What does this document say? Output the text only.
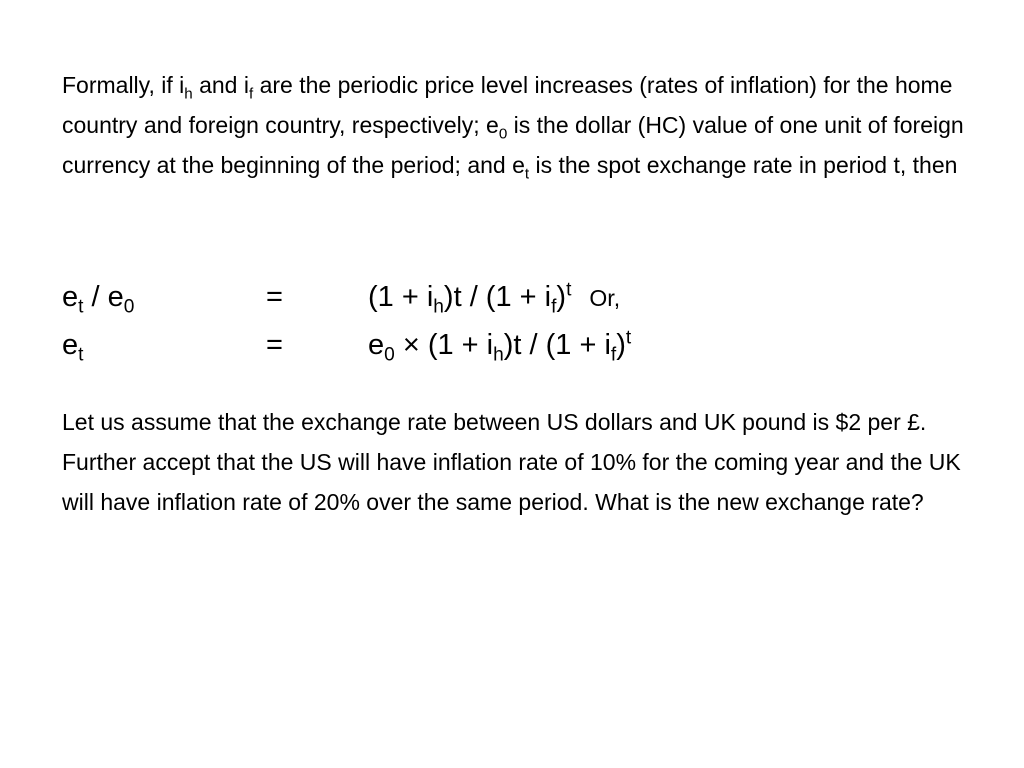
Formally, if $i_h$ and $i_f$ are the periodic price level increases (rates of inflation) for the home country and foreign country, respectively; $e_0$ is the dollar (HC) value of one unit of foreign currency at the beginning of the period; and $e_t$ is the spot exchange rate in period t, then

$e_t / e_0$	=	$(1 + i_h)t / (1 + i_f)^t$ Or,
$e_t$	=	$e_0 \times (1 + i_h)t / (1 + i_f)^t$

Let us assume that the exchange rate between US dollars and UK pound is $2 per £. Further accept that the US will have inflation rate of 10% for the coming year and the UK will have inflation rate of 20% over the same period. What is the new exchange rate?
